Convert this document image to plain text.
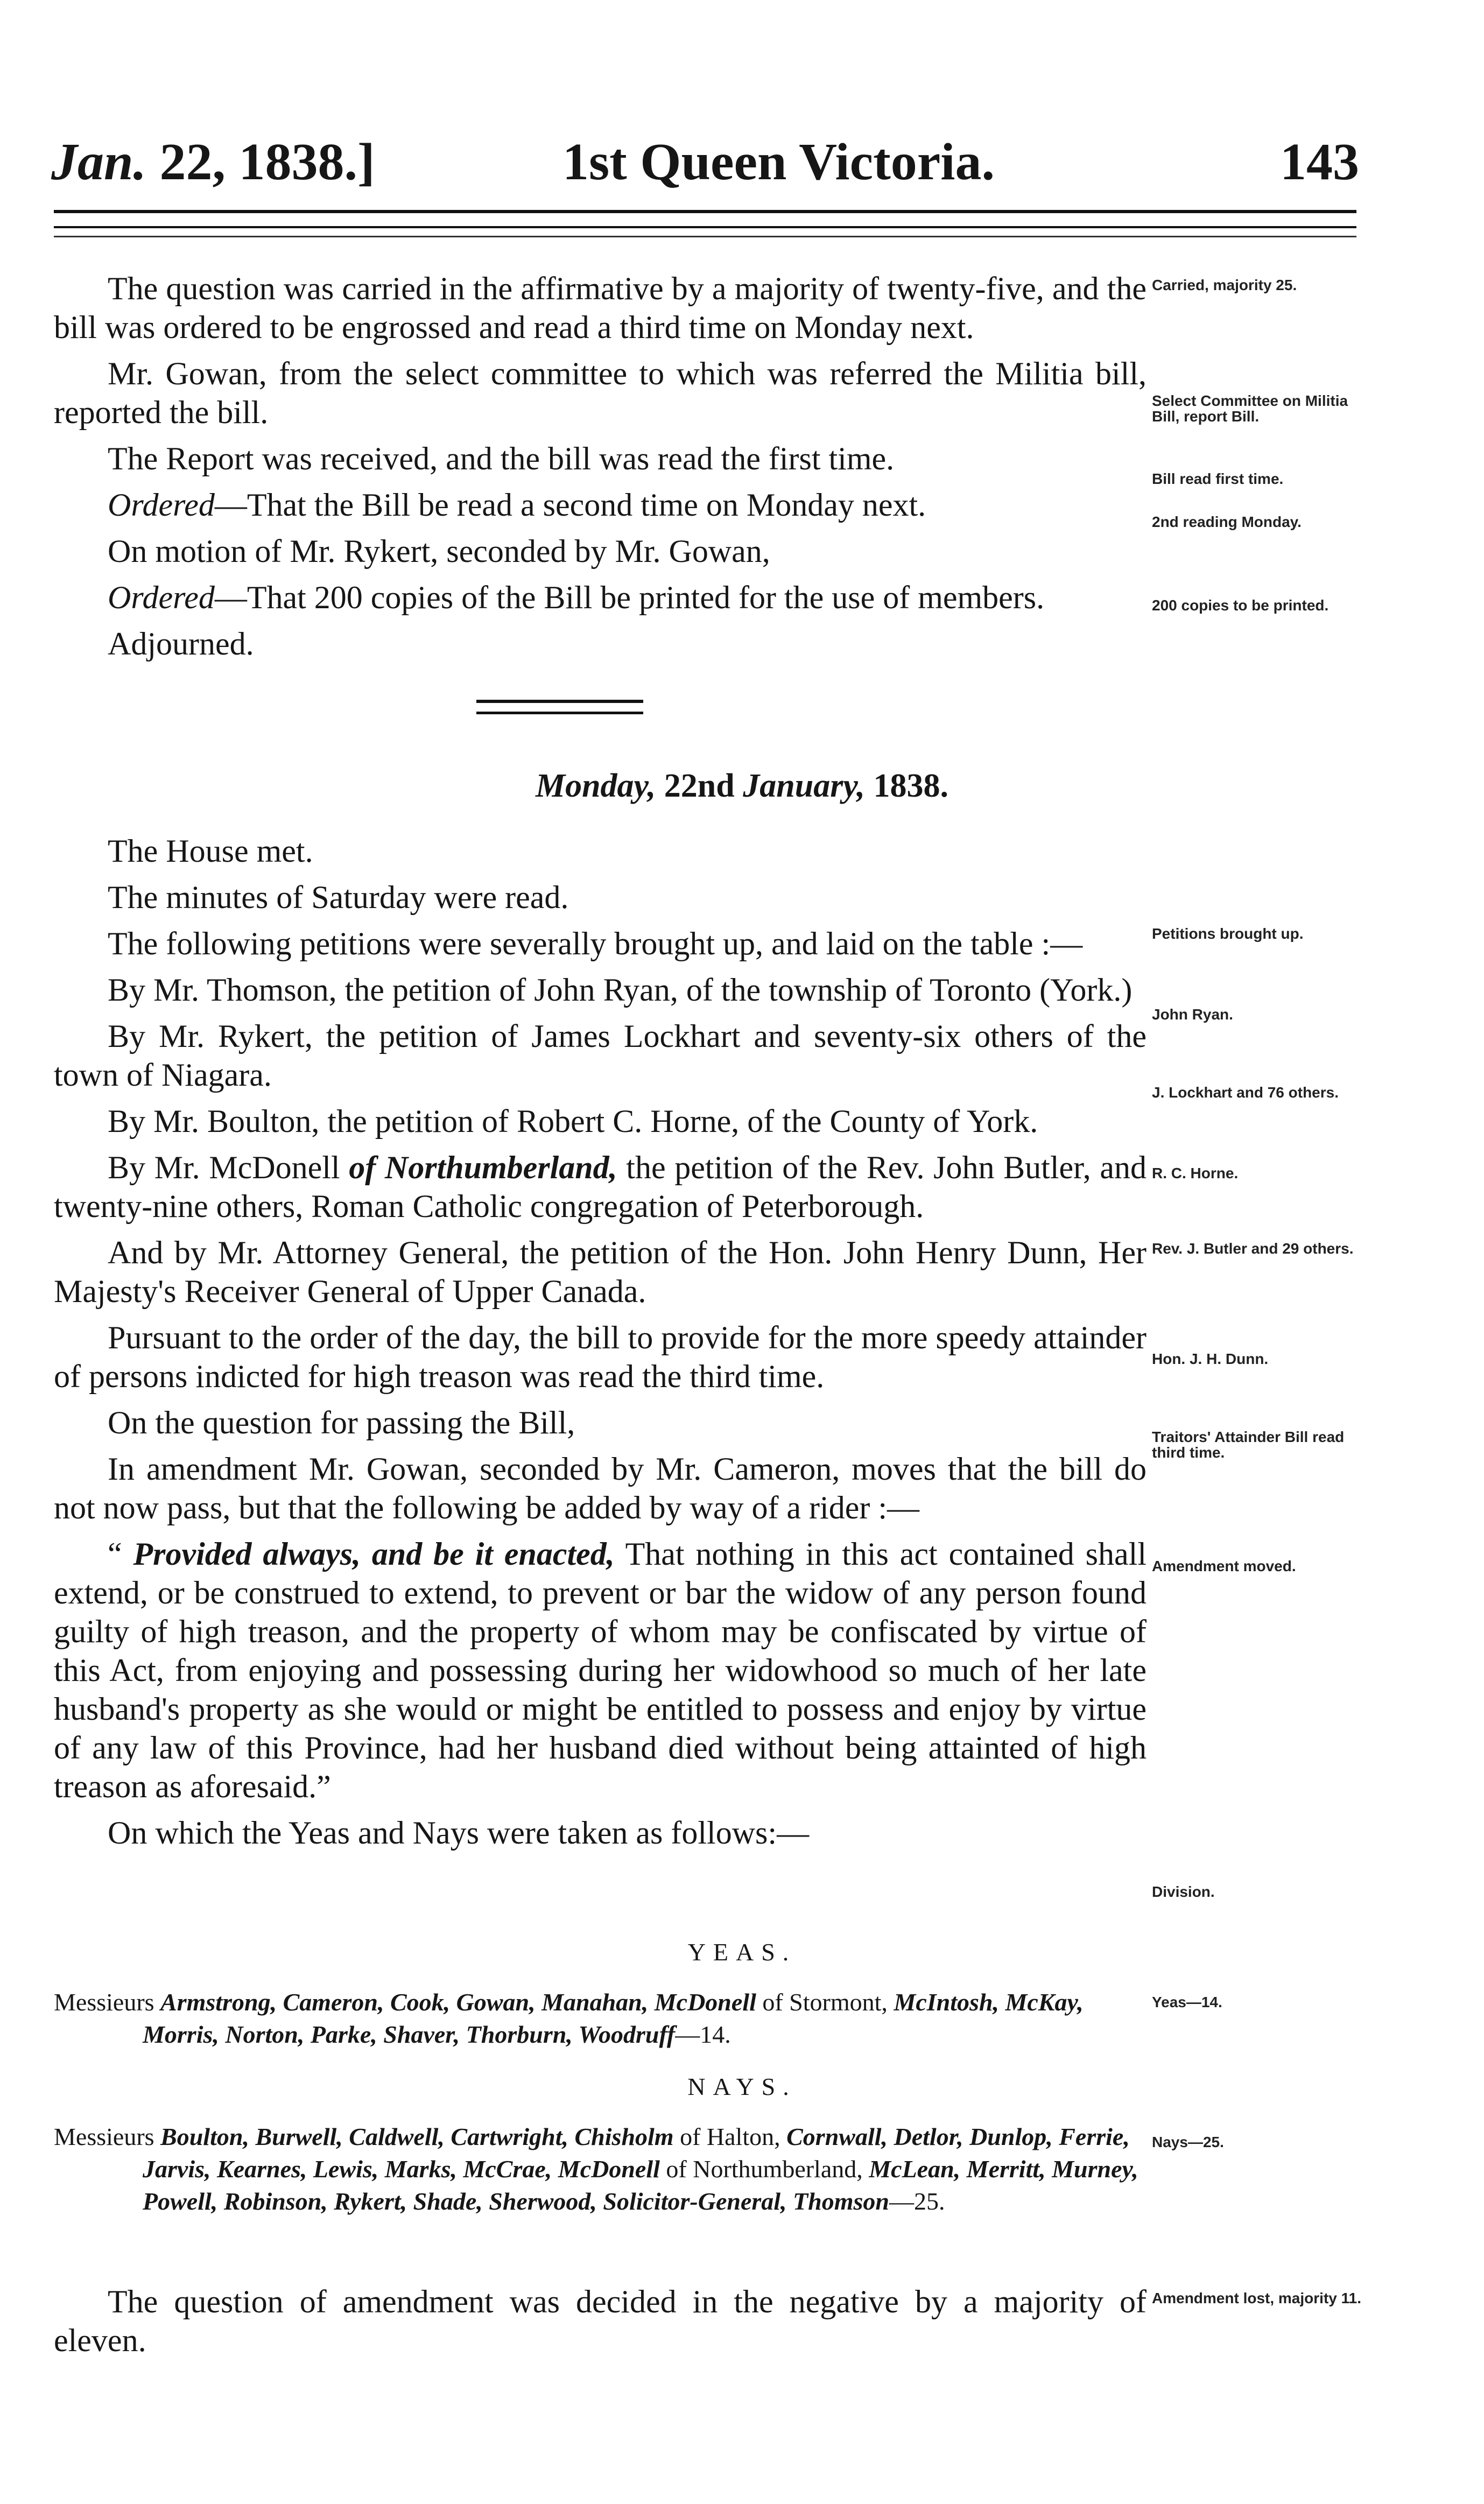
Jan. 22, 1838.]	1st Queen Victoria.	143

The question was carried in the affirmative by a majority of twenty-five, and the bill was ordered to be engrossed and read a third time on Monday next.

Mr. Gowan, from the select committee to which was referred the Militia bill, reported the bill.

The Report was received, and the bill was read the first time.

Ordered—That the Bill be read a second time on Monday next.

On motion of Mr. Rykert, seconded by Mr. Gowan,

Ordered—That 200 copies of the Bill be printed for the use of members.

Adjourned.

Carried, majority 25.
Select Committee on Militia Bill, report Bill.
Bill read first time.
2nd reading Monday.
200 copies to be printed.
Monday, 22nd January, 1838.

The House met.

The minutes of Saturday were read.

The following petitions were severally brought up, and laid on the table :—

By Mr. Thomson, the petition of John Ryan, of the township of Toronto (York.)

By Mr. Rykert, the petition of James Lockhart and seventy-six others of the town of Niagara.

By Mr. Boulton, the petition of Robert C. Horne, of the County of York.

By Mr. McDonell of Northumberland, the petition of the Rev. John Butler, and twenty-nine others, Roman Catholic congregation of Peterborough.

And by Mr. Attorney General, the petition of the Hon. John Henry Dunn, Her Majesty's Receiver General of Upper Canada.

Pursuant to the order of the day, the bill to provide for the more speedy attainder of persons indicted for high treason was read the third time.

On the question for passing the Bill,

In amendment Mr. Gowan, seconded by Mr. Cameron, moves that the bill do not now pass, but that the following be added by way of a rider :—

“ Provided always, and be it enacted, That nothing in this act contained shall extend, or be construed to extend, to prevent or bar the widow of any person found guilty of high treason, and the property of whom may be confiscated by virtue of this Act, from enjoying and possessing during her widowhood so much of her late husband's property as she would or might be entitled to possess and enjoy by virtue of any law of this Province, had her husband died without being attainted of high treason as aforesaid.”

On which the Yeas and Nays were taken as follows:—

Petitions brought up.
John Ryan.
J. Lockhart and 76 others.
R. C. Horne.
Rev. J. Butler and 29 others.
Hon. J. H. Dunn.
Traitors' Attainder Bill read third time.
Amendment moved.
Division.
YEAS.

Messieurs Armstrong, Cameron, Cook, Gowan, Manahan, McDonell of Stormont, McIntosh, McKay, Morris, Norton, Parke, Shaver, Thorburn, Woodruff—14.

Yeas—14.
NAYS.

Messieurs Boulton, Burwell, Caldwell, Cartwright, Chisholm of Halton, Cornwall, Detlor, Dunlop, Ferrie, Jarvis, Kearnes, Lewis, Marks, McCrae, McDonell of Northumberland, McLean, Merritt, Murney, Powell, Robinson, Rykert, Shade, Sherwood, Solicitor-General, Thomson—25.

Nays—25.

The question of amendment was decided in the negative by a majority of eleven.

Amendment lost, majority 11.
